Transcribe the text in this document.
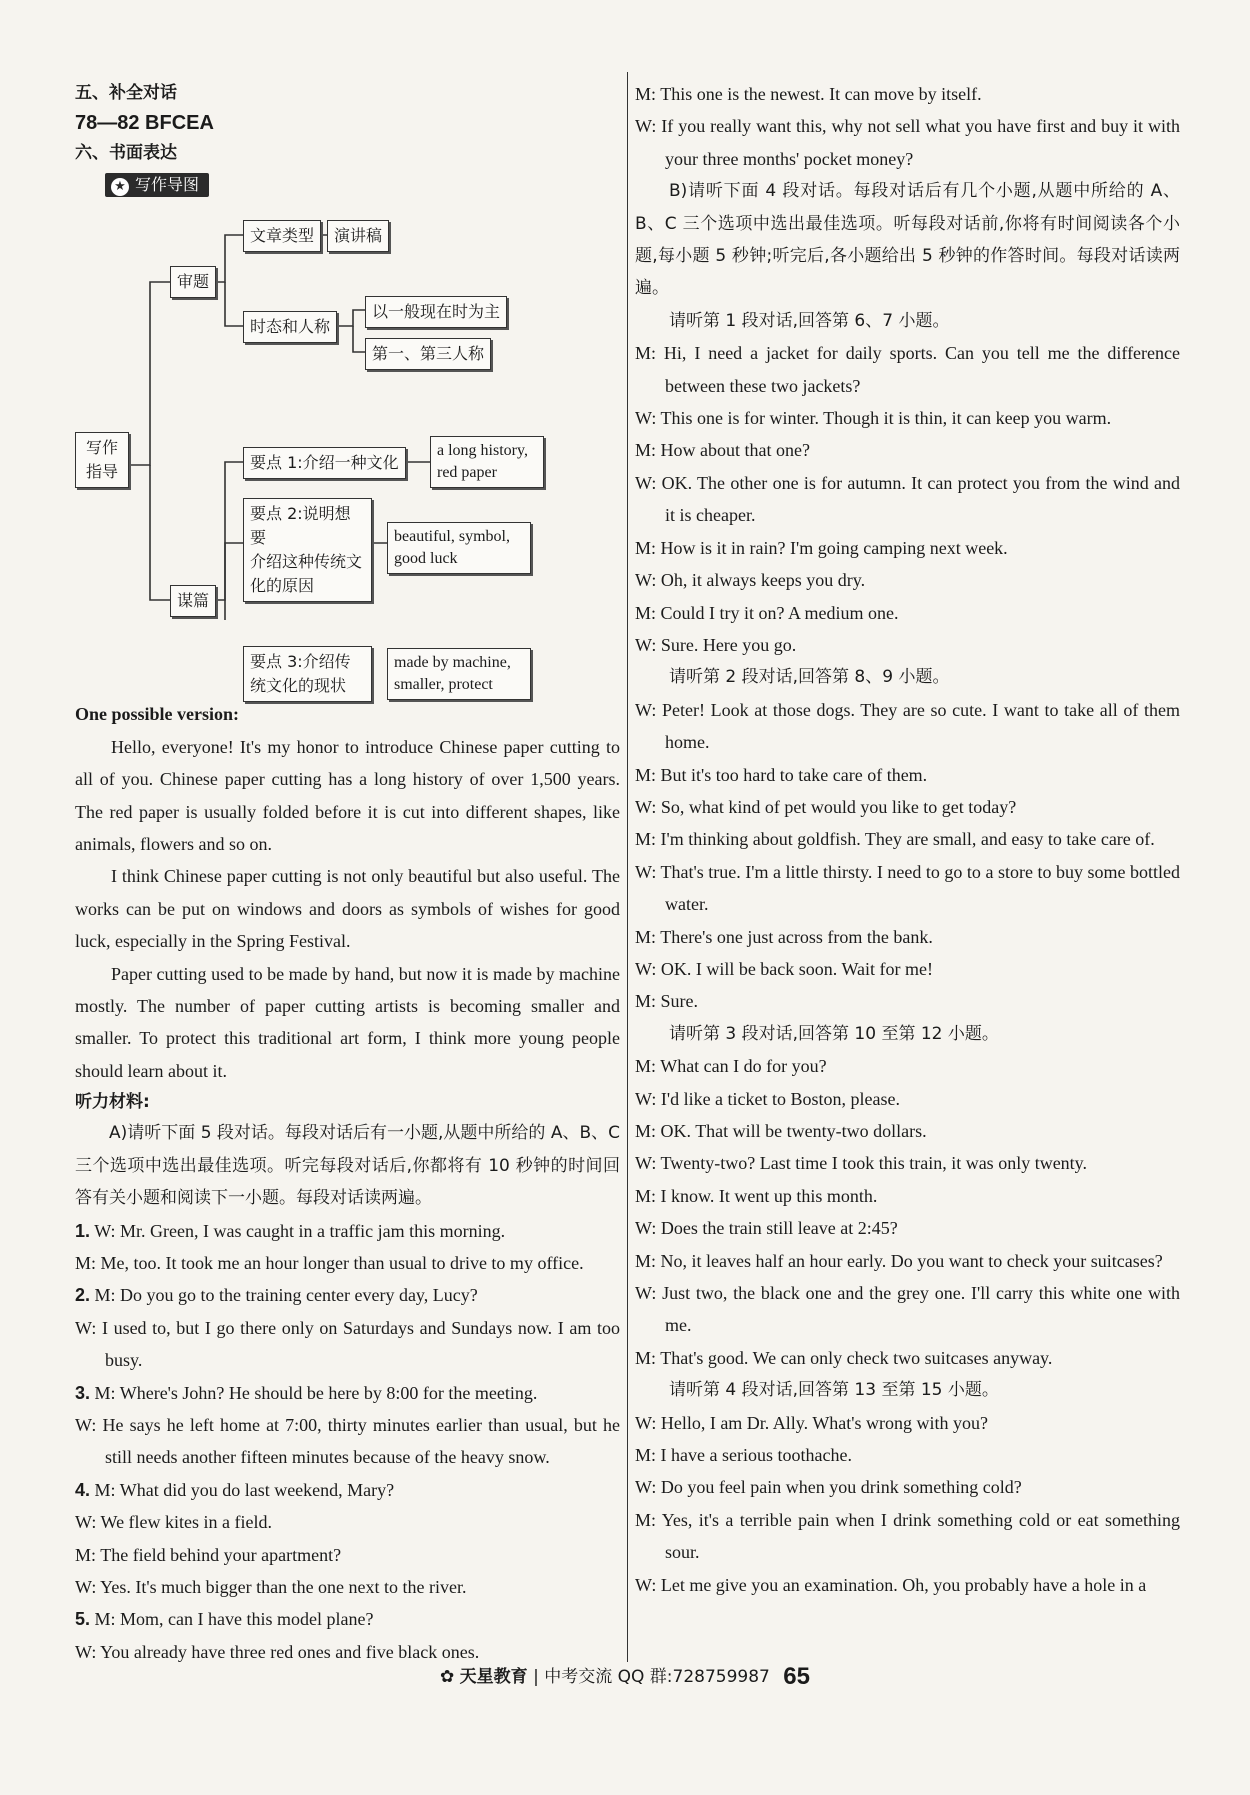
五、补全对话
78—82 BFCEA
六、书面表达
★ 写作导图
写作
指导
审题
文章类型	演讲稿
时态和人称
以一般现在时为主
第一、第三人称
谋篇
要点 1:介绍一种文化
a long history,
red paper
要点 2:说明想要
介绍这种传统文
化的原因
beautiful, symbol,
good luck
要点 3:介绍传
统文化的现状
made by machine,
smaller, protect
One possible version:
Hello, everyone! It's my honor to introduce Chinese paper cutting to all of you. Chinese paper cutting has a long history of over 1,500 years. The red paper is usually folded before it is cut into different shapes, like animals, flowers and so on.
I think Chinese paper cutting is not only beautiful but also useful. The works can be put on windows and doors as symbols of wishes for good luck, especially in the Spring Festival.
Paper cutting used to be made by hand, but now it is made by machine mostly. The number of paper cutting artists is becoming smaller and smaller. To protect this traditional art form, I think more young people should learn about it.
听力材料:
A)请听下面 5 段对话。每段对话后有一小题,从题中所给的 A、B、C 三个选项中选出最佳选项。听完每段对话后,你都将有 10 秒钟的时间回答有关小题和阅读下一小题。每段对话读两遍。
1. W: Mr. Green, I was caught in a traffic jam this morning.
M: Me, too. It took me an hour longer than usual to drive to my office.
2. M: Do you go to the training center every day, Lucy?
W: I used to, but I go there only on Saturdays and Sundays now. I am too busy.
3. M: Where's John? He should be here by 8:00 for the meeting.
W: He says he left home at 7:00, thirty minutes earlier than usual, but he still needs another fifteen minutes because of the heavy snow.
4. M: What did you do last weekend, Mary?
W: We flew kites in a field.
M: The field behind your apartment?
W: Yes. It's much bigger than the one next to the river.
5. M: Mom, can I have this model plane?
W: You already have three red ones and five black ones.
M: This one is the newest. It can move by itself.
W: If you really want this, why not sell what you have first and buy it with your three months' pocket money?
B)请听下面 4 段对话。每段对话后有几个小题,从题中所给的 A、B、C 三个选项中选出最佳选项。听每段对话前,你将有时间阅读各个小题,每小题 5 秒钟;听完后,各小题给出 5 秒钟的作答时间。每段对话读两遍。
请听第 1 段对话,回答第 6、7 小题。
M: Hi, I need a jacket for daily sports. Can you tell me the difference between these two jackets?
W: This one is for winter. Though it is thin, it can keep you warm.
M: How about that one?
W: OK. The other one is for autumn. It can protect you from the wind and it is cheaper.
M: How is it in rain? I'm going camping next week.
W: Oh, it always keeps you dry.
M: Could I try it on? A medium one.
W: Sure. Here you go.
请听第 2 段对话,回答第 8、9 小题。
W: Peter! Look at those dogs. They are so cute. I want to take all of them home.
M: But it's too hard to take care of them.
W: So, what kind of pet would you like to get today?
M: I'm thinking about goldfish. They are small, and easy to take care of.
W: That's true. I'm a little thirsty. I need to go to a store to buy some bottled water.
M: There's one just across from the bank.
W: OK. I will be back soon. Wait for me!
M: Sure.
请听第 3 段对话,回答第 10 至第 12 小题。
M: What can I do for you?
W: I'd like a ticket to Boston, please.
M: OK. That will be twenty-two dollars.
W: Twenty-two? Last time I took this train, it was only twenty.
M: I know. It went up this month.
W: Does the train still leave at 2:45?
M: No, it leaves half an hour early. Do you want to check your suitcases?
W: Just two, the black one and the grey one. I'll carry this white one with me.
M: That's good. We can only check two suitcases anyway.
请听第 4 段对话,回答第 13 至第 15 小题。
W: Hello, I am Dr. Ally. What's wrong with you?
M: I have a serious toothache.
W: Do you feel pain when you drink something cold?
M: Yes, it's a terrible pain when I drink something cold or eat something sour.
W: Let me give you an examination. Oh, you probably have a hole in a
✿ 天星教育 | 中考交流 QQ 群:728759987 65
